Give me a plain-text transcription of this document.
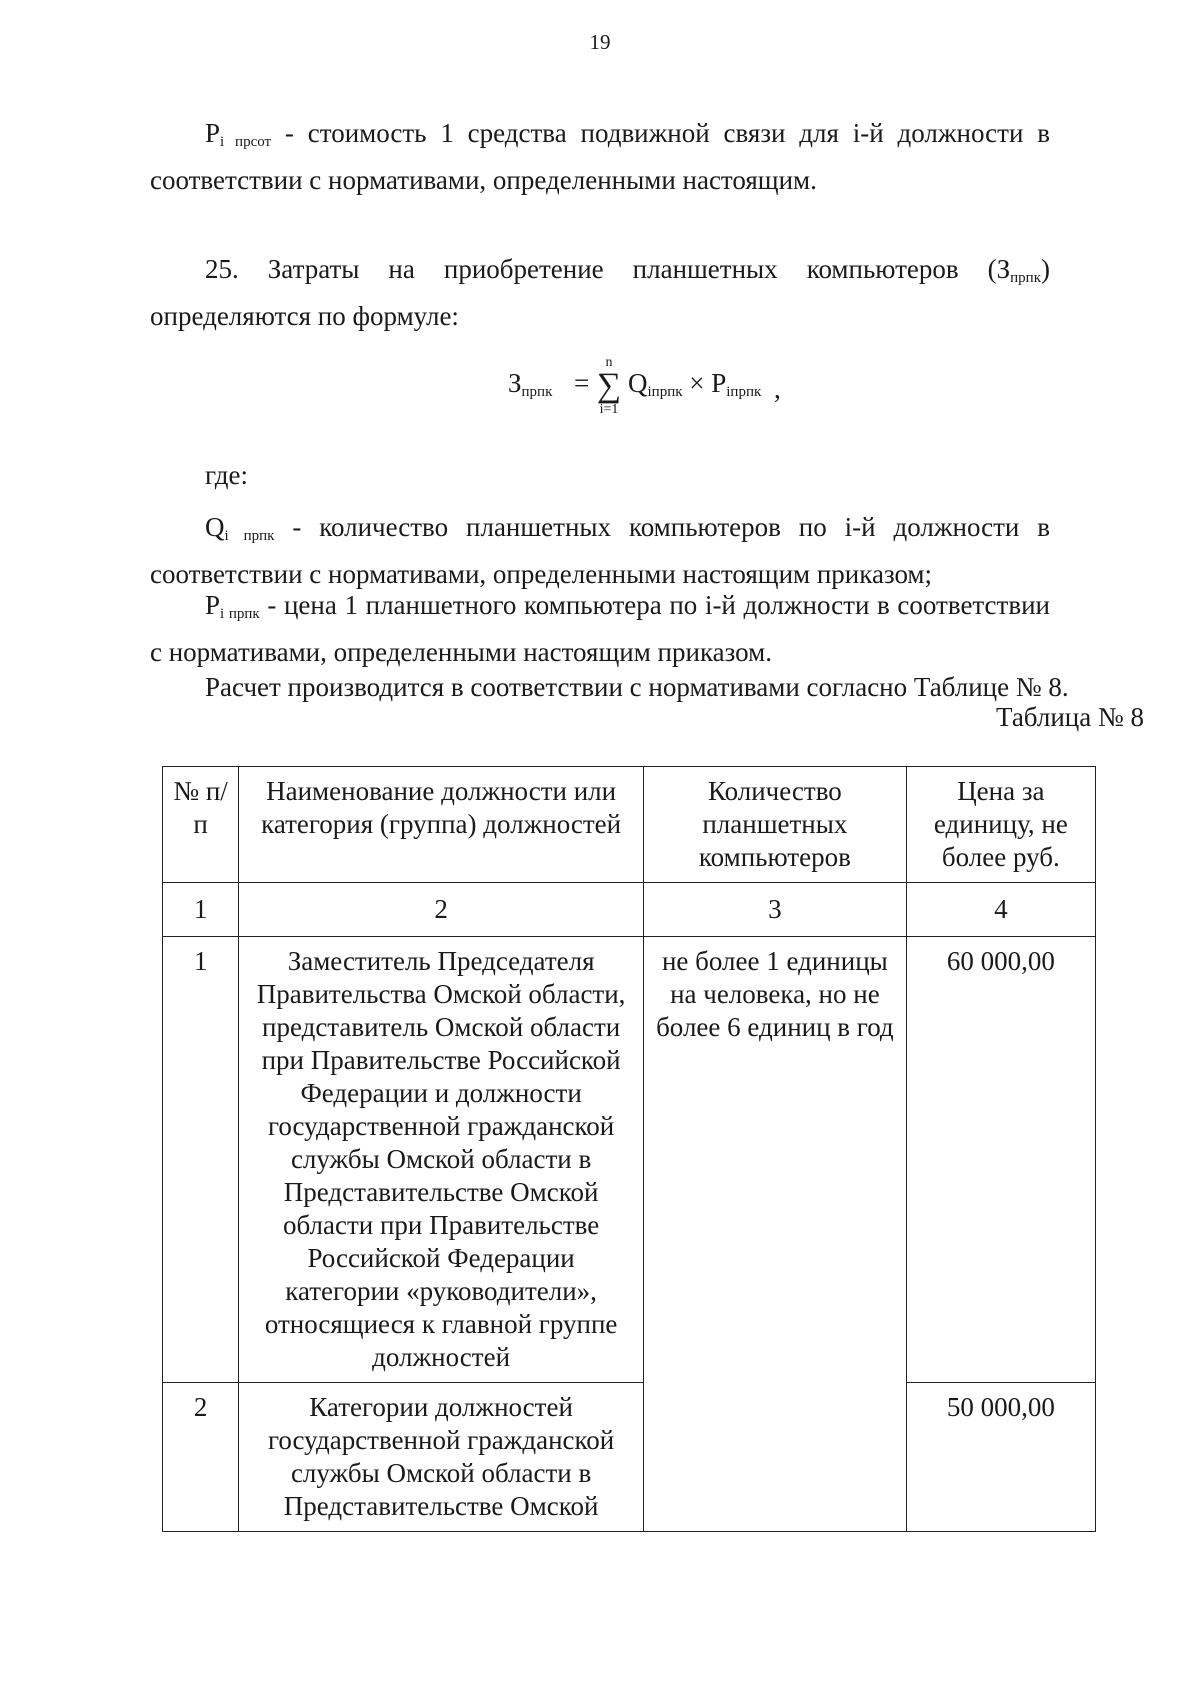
19

$P_{i прсот}$ - стоимость 1 средства подвижной связи для i-й должности в соответствии с нормативами, определенными настоящим.

25. Затраты на приобретение планшетных компьютеров $(З_{прпк})$ определяются по формуле:

$З_{прпк}$ =
n
∑
i=1
$Q_{iпрпк} \times P_{iпрпк}$ ,

где:

$Q_{i прпк}$ - количество планшетных компьютеров по i-й должности в соответствии с нормативами, определенными настоящим приказом;

$P_{i прпк}$ - цена 1 планшетного компьютера по i-й должности в соответствии с нормативами, определенными настоящим приказом.

Расчет производится в соответствии с нормативами согласно Таблице № 8.

Таблица № 8
№ п/п	Наименование должности или категория (группа) должностей	Количество планшетных компьютеров	Цена за единицу, не более руб.
1	2	3	4
1	Заместитель Председателя Правительства Омской области, представитель Омской области при Правительстве Российской Федерации и должности государственной гражданской службы Омской области в Представительстве Омской области при Правительстве Российской Федерации категории «руководители», относящиеся к главной группе должностей	не более 1 единицы на человека, но не более 6 единиц в год	60 000,00
2	Категории должностей государственной гражданской службы Омской области в Представительстве Омской		50 000,00
